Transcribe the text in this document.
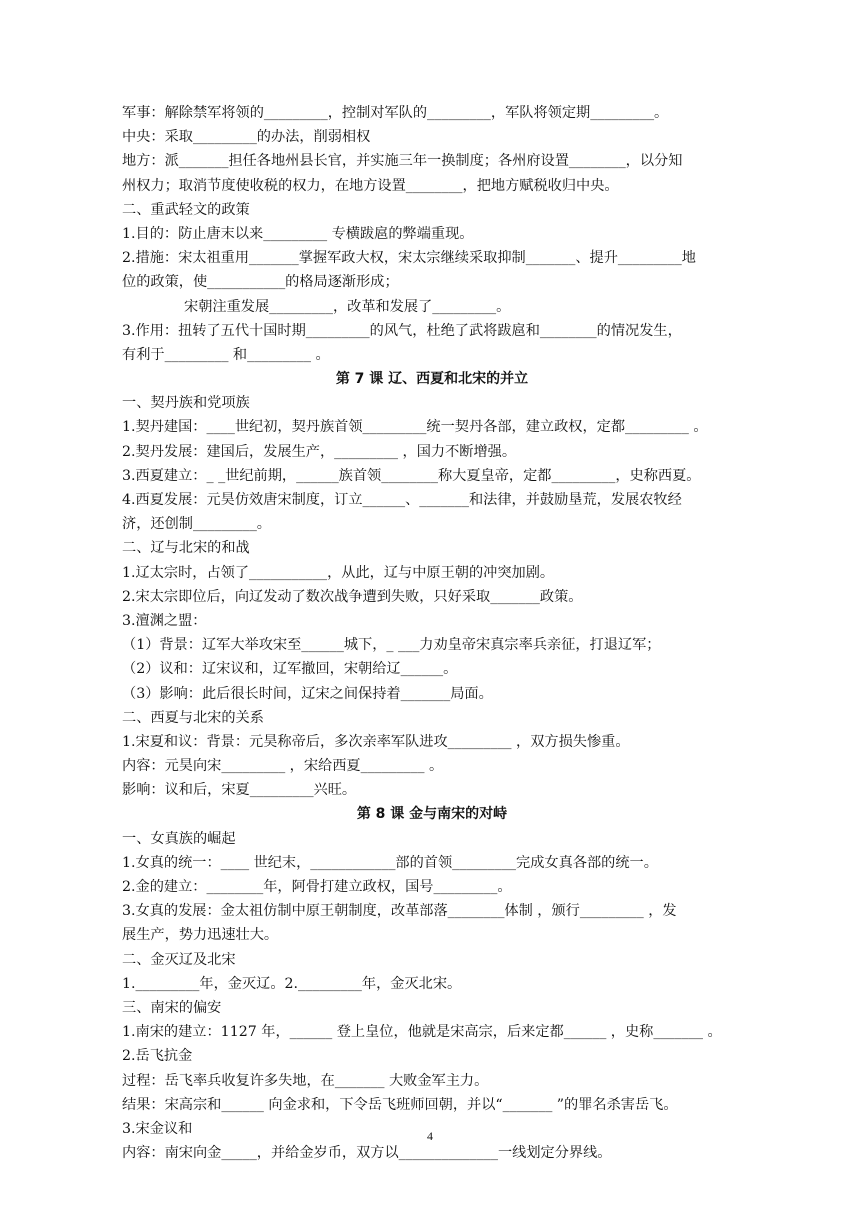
军事：解除禁军将领的_________，控制对军队的_________，军队将领定期_________。
中央：采取_________的办法，削弱相权
地方：派_______担任各地州县长官，并实施三年一换制度；各州府设置________，以分知
州权力；取消节度使收税的权力，在地方设置________，把地方赋税收归中央。
二、重武轻文的政策
1.目的：防止唐末以来_________ 专横跋扈的弊端重现。
2.措施：宋太祖重用_______掌握军政大权，宋太宗继续采取抑制_______、提升_________地
位的政策，使___________的格局逐渐形成；
宋朝注重发展_________，改革和发展了_________。
3.作用：扭转了五代十国时期_________的风气，杜绝了武将跋扈和________的情况发生，
有利于_________ 和_________ 。
第 7 课 辽、西夏和北宋的并立
一、契丹族和党项族
1.契丹建国：____世纪初，契丹族首领_________统一契丹各部，建立政权，定都_________ 。
2.契丹发展：建国后，发展生产，_________ ，国力不断增强。
3.西夏建立：_ _世纪前期，______族首领________称大夏皇帝，定都_________，史称西夏。
4.西夏发展：元昊仿效唐宋制度，订立______、_______和法律，并鼓励垦荒，发展农牧经
济，还创制_________。
二、辽与北宋的和战
1.辽太宗时，占领了___________，从此，辽与中原王朝的冲突加剧。
2.宋太宗即位后，向辽发动了数次战争遭到失败，只好采取_______政策。
3.澶渊之盟：
（1）背景：辽军大举攻宋至______城下，_ ___力劝皇帝宋真宗率兵亲征，打退辽军；
（2）议和：辽宋议和，辽军撤回，宋朝给辽______。
（3）影响：此后很长时间，辽宋之间保持着_______局面。
二、西夏与北宋的关系
1.宋夏和议：背景：元昊称帝后，多次亲率军队进攻_________ ，双方损失惨重。
内容：元昊向宋_________ ，宋给西夏_________ 。
影响：议和后，宋夏_________兴旺。
第 8 课 金与南宋的对峙
一、女真族的崛起
1.女真的统一：____ 世纪末，____________部的首领_________完成女真各部的统一。
2.金的建立：________年，阿骨打建立政权，国号_________。
3.女真的发展：金太祖仿制中原王朝制度，改革部落________体制 ，颁行_________ ，发
展生产，势力迅速壮大。
二、金灭辽及北宋
1._________年，金灭辽。2._________年，金灭北宋。
三、南宋的偏安
1.南宋的建立：1127 年，______ 登上皇位，他就是宋高宗，后来定都______ ，史称_______ 。
2.岳飞抗金
过程：岳飞率兵收复许多失地，在_______ 大败金军主力。
结果：宋高宗和______ 向金求和，下令岳飞班师回朝，并以“_______ ”的罪名杀害岳飞。
3.宋金议和
内容：南宋向金_____，并给金岁币，双方以______________一线划定分界线。
4
